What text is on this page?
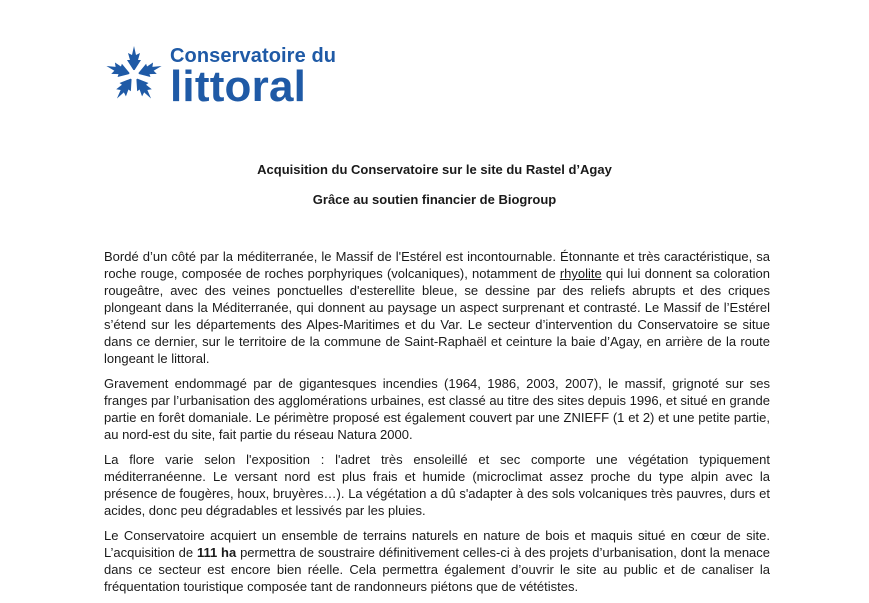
Conservatoire du
littoral
Acquisition du Conservatoire sur le site du Rastel d’Agay
Grâce au soutien financier de Biogroup

Bordé d’un côté par la méditerranée, le Massif de l'Estérel est incontournable. Étonnante et très caractéristique, sa roche rouge, composée de roches porphyriques (volcaniques), notamment de rhyolite qui lui donnent sa coloration rougeâtre, avec des veines ponctuelles d'esterellite bleue, se dessine par des reliefs abrupts et des criques plongeant dans la Méditerranée, qui donnent au paysage un aspect surprenant et contrasté. Le Massif de l’Estérel s’étend sur les départements des Alpes-Maritimes et du Var. Le secteur d’intervention du Conservatoire se situe dans ce dernier, sur le territoire de la commune de Saint-Raphaël et ceinture la baie d’Agay, en arrière de la route longeant le littoral.

Gravement endommagé par de gigantesques incendies (1964, 1986, 2003, 2007), le massif, grignoté sur ses franges par l’urbanisation des agglomérations urbaines, est classé au titre des sites depuis 1996, et situé en grande partie en forêt domaniale. Le périmètre proposé est également couvert par une ZNIEFF (1 et 2) et une petite partie, au nord-est du site, fait partie du réseau Natura 2000.

La flore varie selon l'exposition : l'adret très ensoleillé et sec comporte une végétation typiquement méditerranéenne. Le versant nord est plus frais et humide (microclimat assez proche du type alpin avec la présence de fougères, houx, bruyères…). La végétation a dû s'adapter à des sols volcaniques très pauvres, durs et acides, donc peu dégradables et lessivés par les pluies.

Le Conservatoire acquiert un ensemble de terrains naturels en nature de bois et maquis situé en cœur de site. L’acquisition de 111 ha permettra de soustraire définitivement celles-ci à des projets d’urbanisation, dont la menace dans ce secteur est encore bien réelle. Cela permettra également d’ouvrir le site au public et de canaliser la fréquentation touristique composée tant de randonneurs piétons que de vététistes.
